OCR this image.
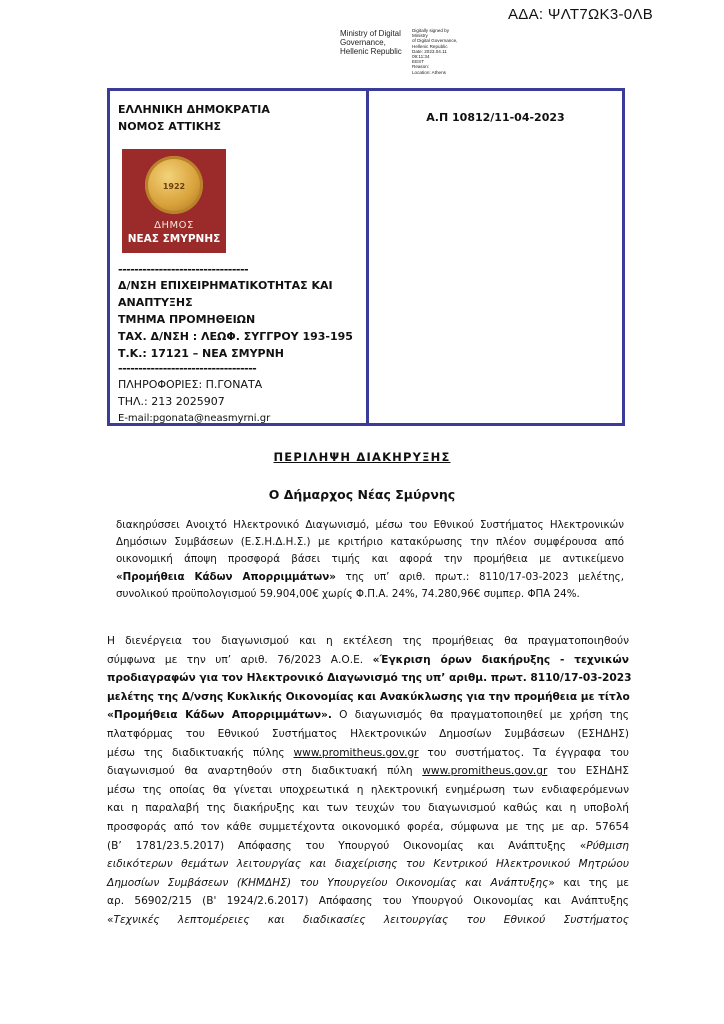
ΑΔΑ: ΨΛΤ7ΩΚ3-0ΛΒ
Ministry of Digital
Governance,
Hellenic Republic
Digitally signed by Ministry
of Digital Governance,
Hellenic Republic
Date: 2023.04.11 09:11:34
EEST
Reason:
Location: Athens
ΕΛΛΗΝΙΚΗ ΔΗΜΟΚΡΑΤΙΑ
ΝΟΜΟΣ ΑΤΤΙΚΗΣ
1922
ΔΗΜΟΣ
ΝΕΑΣ ΣΜΥΡΝΗΣ
--------------------------------
Δ/ΝΣΗ ΕΠΙΧΕΙΡΗΜΑΤΙΚΟΤΗΤΑΣ ΚΑΙ
ΑΝΑΠΤΥΞΗΣ
ΤΜΗΜΑ ΠΡΟΜΗΘΕΙΩΝ
ΤΑΧ. Δ/ΝΣΗ : ΛΕΩΦ. ΣΥΓΓΡΟΥ 193-195
Τ.Κ.: 17121 – ΝΕΑ ΣΜΥΡΝΗ
----------------------------------
ΠΛΗΡΟΦΟΡΙΕΣ: Π.ΓΟΝΑΤΑ
ΤΗΛ.: 213 2025907
E-mail:pgonata@neasmyrni.gr
Α.Π 10812/11-04-2023
ΠΕΡΙΛΗΨΗ ΔΙΑΚΗΡΥΞΗΣ
Ο Δήμαρχος Νέας Σμύρνης
διακηρύσσει Ανοιχτό Ηλεκτρονικό Διαγωνισμό, μέσω του Εθνικού Συστήματος Ηλεκτρονικών
Δημόσιων Συμβάσεων (Ε.Σ.Η.Δ.Η.Σ.) με κριτήριο κατακύρωσης την πλέον συμφέρουσα από
οικονομική άποψη προσφορά βάσει τιμής και αφορά την προμήθεια με αντικείμενο
«Προμήθεια Κάδων Απορριμμάτων» της υπ’ αριθ. πρωτ.: 8110/17-03-2023 μελέτης,
συνολικού προϋπολογισμού 59.904,00€ χωρίς Φ.Π.Α. 24%, 74.280,96€ συμπερ. ΦΠΑ 24%.
Η διενέργεια του διαγωνισμού και η εκτέλεση της προμήθειας θα πραγματοποιηθούν
σύμφωνα με την υπ’ αριθ. 76/2023 Α.Ο.Ε. «Έγκριση όρων διακήρυξης - τεχνικών
προδιαγραφών για τον Ηλεκτρονικό Διαγωνισμό της υπ’ αριθμ. πρωτ. 8110/17-03-2023
μελέτης της Δ/νσης Κυκλικής Οικονομίας και Ανακύκλωσης για την προμήθεια με τίτλο
«Προμήθεια Κάδων Απορριμμάτων». Ο διαγωνισμός θα πραγματοποιηθεί με χρήση της
πλατφόρμας του Εθνικού Συστήματος Ηλεκτρονικών Δημοσίων Συμβάσεων (ΕΣΗΔΗΣ)
μέσω της διαδικτυακής πύλης www.promitheus.gov.gr του συστήματος. Τα έγγραφα του
διαγωνισμού θα αναρτηθούν στη διαδικτυακή πύλη www.promitheus.gov.gr του ΕΣΗΔΗΣ
μέσω της οποίας θα γίνεται υποχρεωτικά η ηλεκτρονική ενημέρωση των ενδιαφερόμενων
και η παραλαβή της διακήρυξης και των τευχών του διαγωνισμού καθώς και η υποβολή
προσφοράς από τον κάθε συμμετέχοντα οικονομικό φορέα, σύμφωνα με της με αρ. 57654
(Β’ 1781/23.5.2017) Απόφασης του Υπουργού Οικονομίας και Ανάπτυξης «Ρύθμιση
ειδικότερων θεμάτων λειτουργίας και διαχείρισης του Κεντρικού Ηλεκτρονικού Μητρώου
Δημοσίων Συμβάσεων (ΚΗΜΔΗΣ) του Υπουργείου Οικονομίας και Ανάπτυξης» και της με
αρ. 56902/215 (Β' 1924/2.6.2017) Απόφασης του Υπουργού Οικονομίας και Ανάπτυξης
«Τεχνικές λεπτομέρειες και διαδικασίες λειτουργίας του Εθνικού Συστήματος
